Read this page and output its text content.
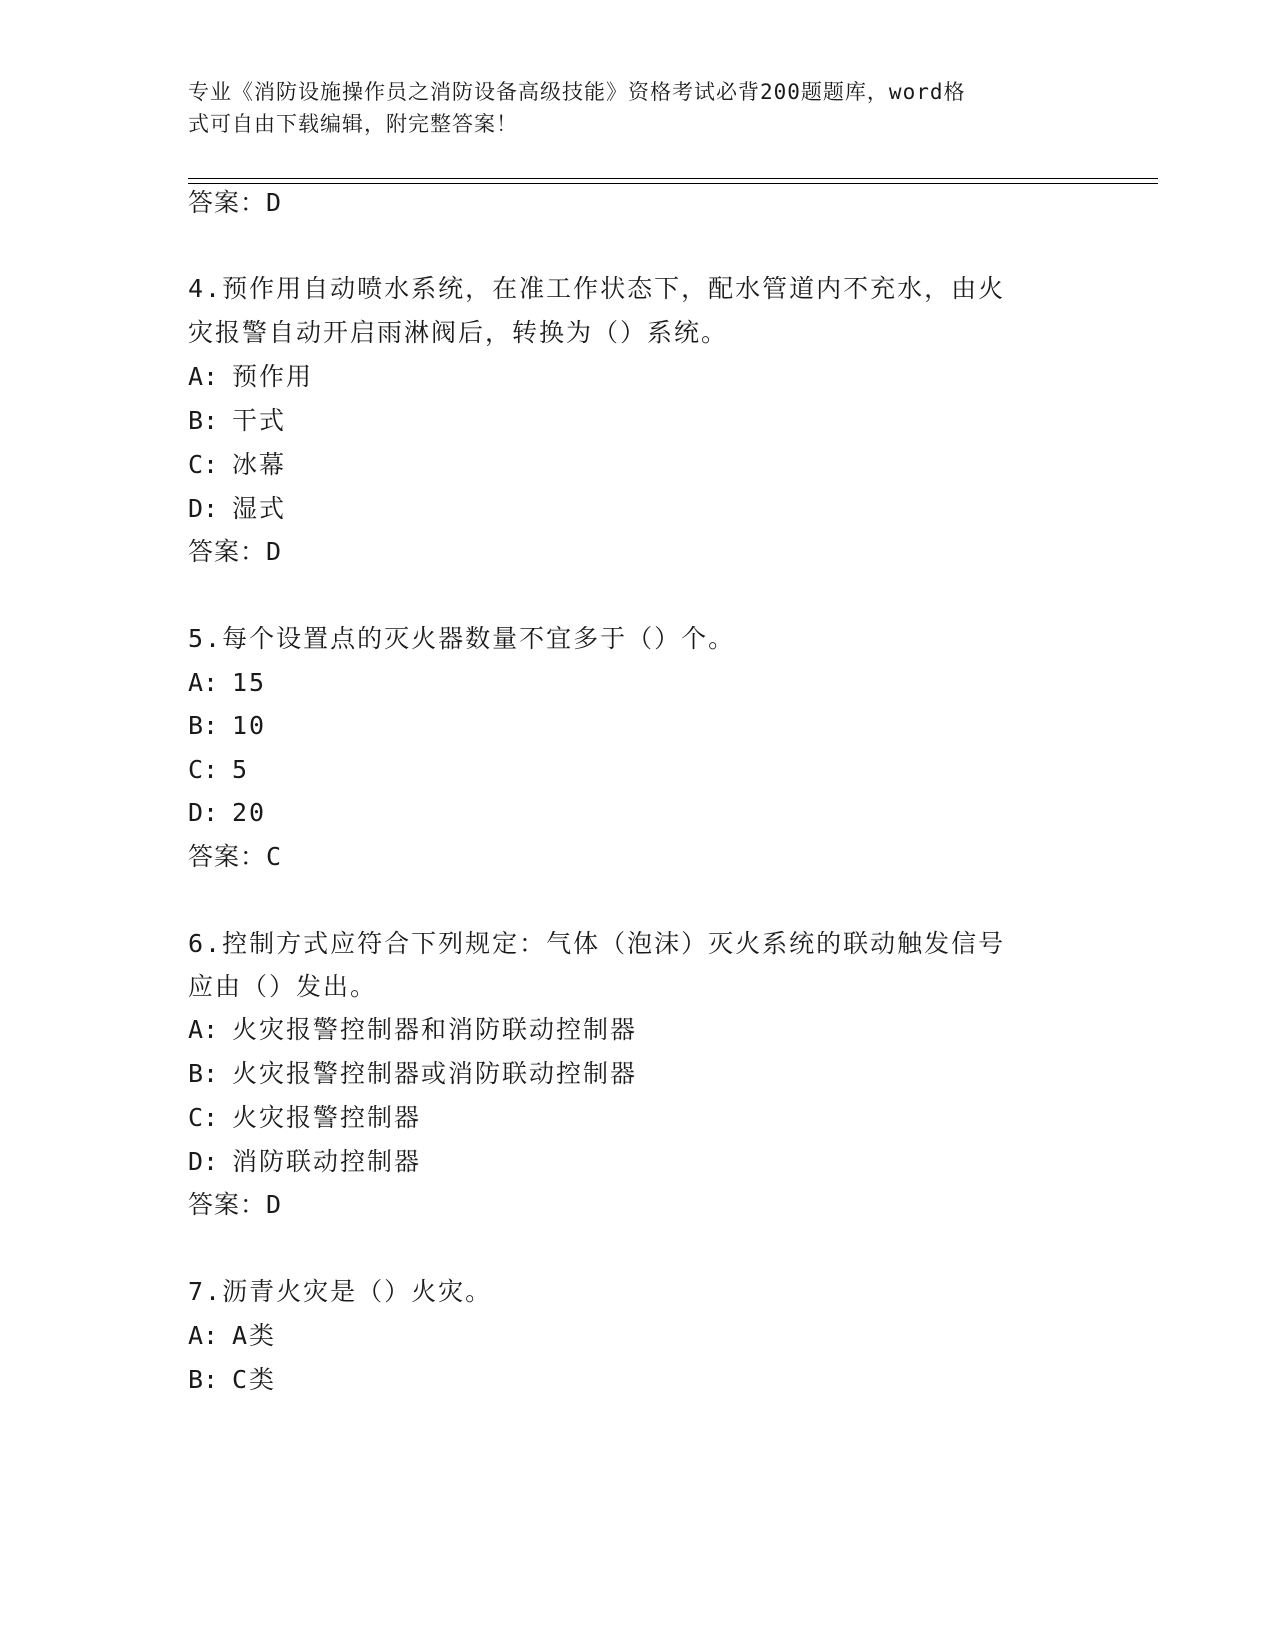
专业《消防设施操作员之消防设备高级技能》资格考试必背200题题库，word格
式可自由下载编辑，附完整答案！
答案：D
4.预作用自动喷水系统，在准工作状态下，配水管道内不充水，由火
灾报警自动开启雨淋阀后，转换为（）系统。
A: 预作用
B: 干式
C: 冰幕
D: 湿式
答案：D
5.每个设置点的灭火器数量不宜多于（）个。
A: 15
B: 10
C: 5
D: 20
答案：C
6.控制方式应符合下列规定：气体（泡沫）灭火系统的联动触发信号
应由（）发出。
A: 火灾报警控制器和消防联动控制器
B: 火灾报警控制器或消防联动控制器
C: 火灾报警控制器
D: 消防联动控制器
答案：D
7.沥青火灾是（）火灾。
A: A类
B: C类
